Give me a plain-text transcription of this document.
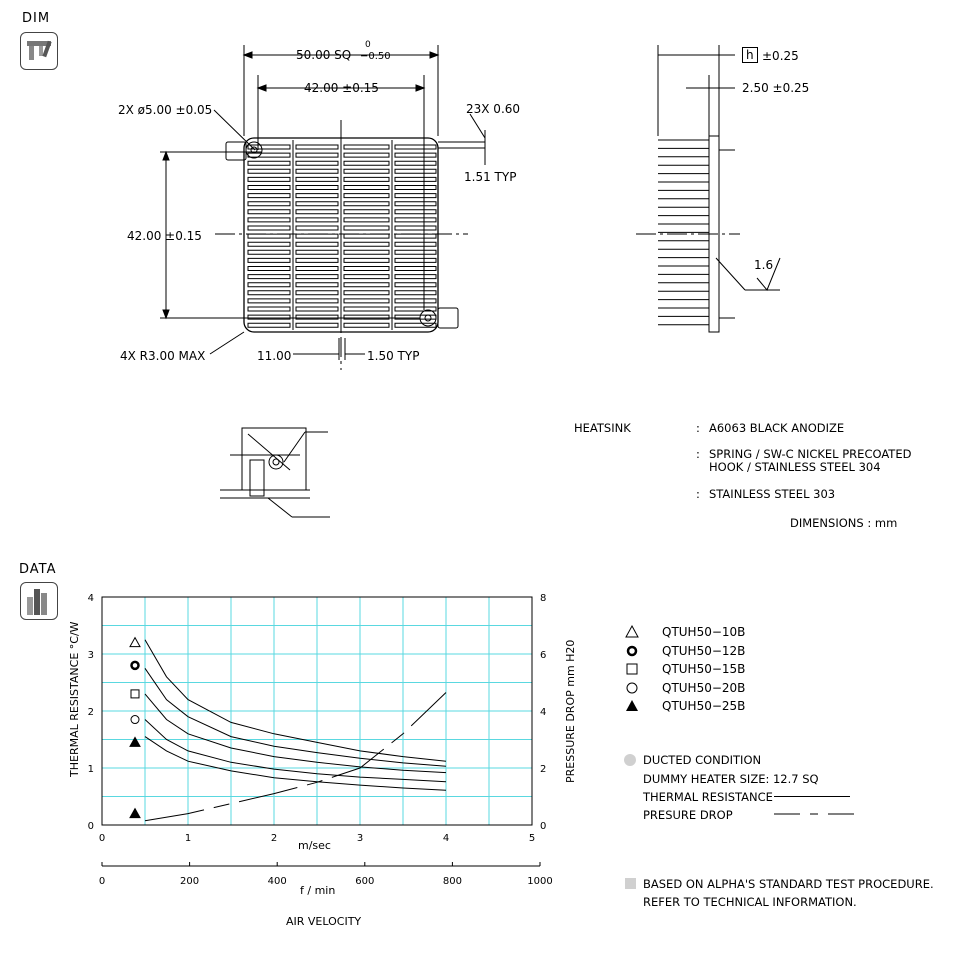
DIM
50.00 SQ
0
−0.50
42.00 ±0.15
2X ø5.00 ±0.05	23X 0.60
1.51 TYP
42.00 ±0.15
4X R3.00 MAX	11.00	1.50 TYP
h ±0.25
2.50 ±0.25
1.6
HEATSINK	: A6063 BLACK ANODIZE
: SPRING / SW-C NICKEL PRECOATED
HOOK / STAINLESS STEEL 304
: STAINLESS STEEL 303
DIMENSIONS : mm
DATA
0
1
2
3
4
0
2
4
6
8
0	1	2	3	4	5
0	200	400	600	800	1000
THERMAL RESISTANCE °C/W	PRESSURE DROP mm H20
m/sec
f / min
AIR VELOCITY
QTUH50−10B
QTUH50−12B
QTUH50−15B
QTUH50−20B
QTUH50−25B
DUCTED CONDITION
DUMMY HEATER SIZE: 12.7 SQ
THERMAL RESISTANCE
PRESURE DROP
BASED ON ALPHA'S STANDARD TEST PROCEDURE.
REFER TO TECHNICAL INFORMATION.
